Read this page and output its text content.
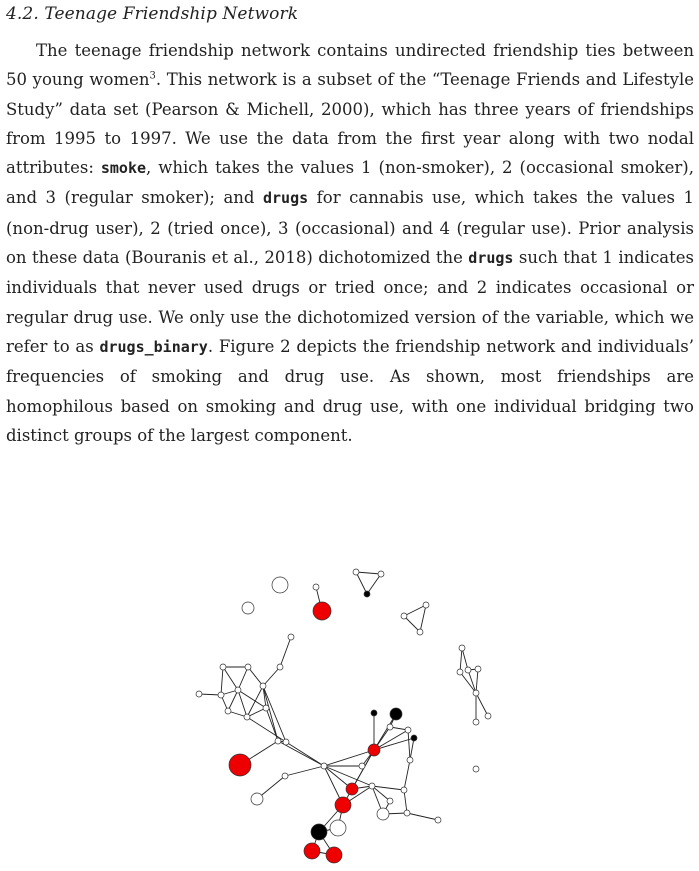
4.2. Teenage Friendship Network
The teenage friendship network contains undirected friendship ties between 50 young women$^3$. This network is a subset of the “Teenage Friends and Lifestyle Study” data set (Pearson & Michell, 2000), which has three years of friendships from 1995 to 1997. We use the data from the first year along with two nodal attributes: smoke, which takes the values 1 (non-smoker), 2 (occasional smoker), and 3 (regular smoker); and drugs for cannabis use, which takes the values 1 (non-drug user), 2 (tried once), 3 (occasional) and 4 (regular use). Prior analysis on these data (Bouranis et al., 2018) dichotomized the drugs such that 1 indicates individuals that never used drugs or tried once; and 2 indicates occasional or regular drug use. We only use the dichotomized version of the variable, which we refer to as drugs_binary. Figure 2 depicts the friendship network and individuals’ frequencies of smoking and drug use. As shown, most friendships are homophilous based on smoking and drug use, with one individual bridging two distinct groups of the largest component.
